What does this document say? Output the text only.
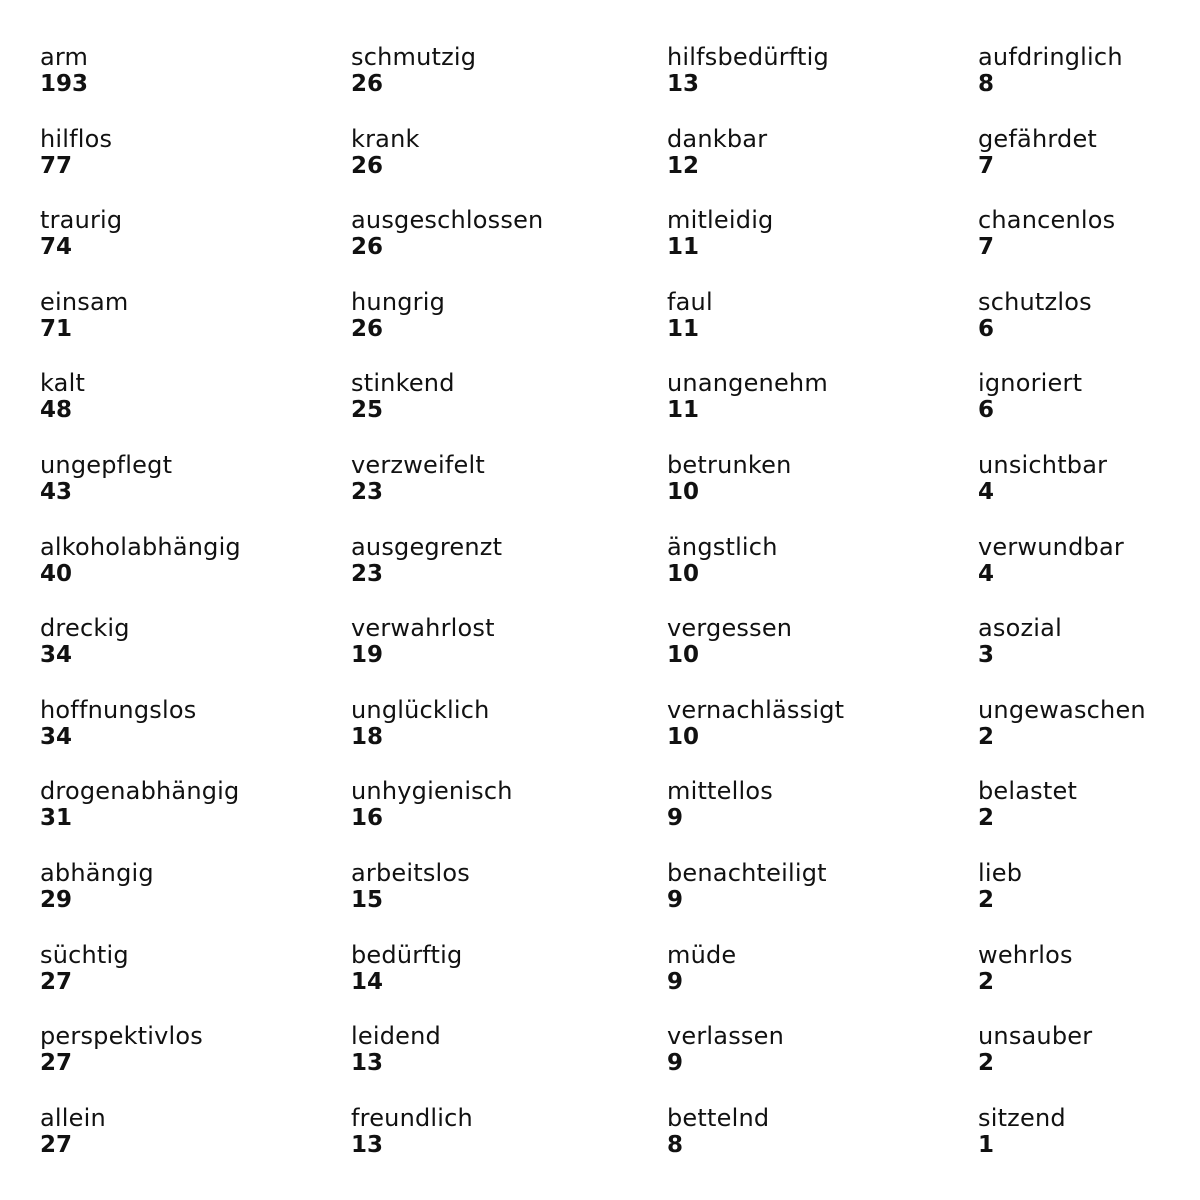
arm
193
hilflos
77
traurig
74
einsam
71
kalt
48
ungepflegt
43
alkoholabhängig
40
dreckig
34
hoffnungslos
34
drogenabhängig
31
abhängig
29
süchtig
27
perspektivlos
27
allein
27
schmutzig
26
krank
26
ausgeschlossen
26
hungrig
26
stinkend
25
verzweifelt
23
ausgegrenzt
23
verwahrlost
19
unglücklich
18
unhygienisch
16
arbeitslos
15
bedürftig
14
leidend
13
freundlich
13
hilfsbedürftig
13
dankbar
12
mitleidig
11
faul
11
unangenehm
11
betrunken
10
ängstlich
10
vergessen
10
vernachlässigt
10
mittellos
9
benachteiligt
9
müde
9
verlassen
9
bettelnd
8
aufdringlich
8
gefährdet
7
chancenlos
7
schutzlos
6
ignoriert
6
unsichtbar
4
verwundbar
4
asozial
3
ungewaschen
2
belastet
2
lieb
2
wehrlos
2
unsauber
2
sitzend
1
